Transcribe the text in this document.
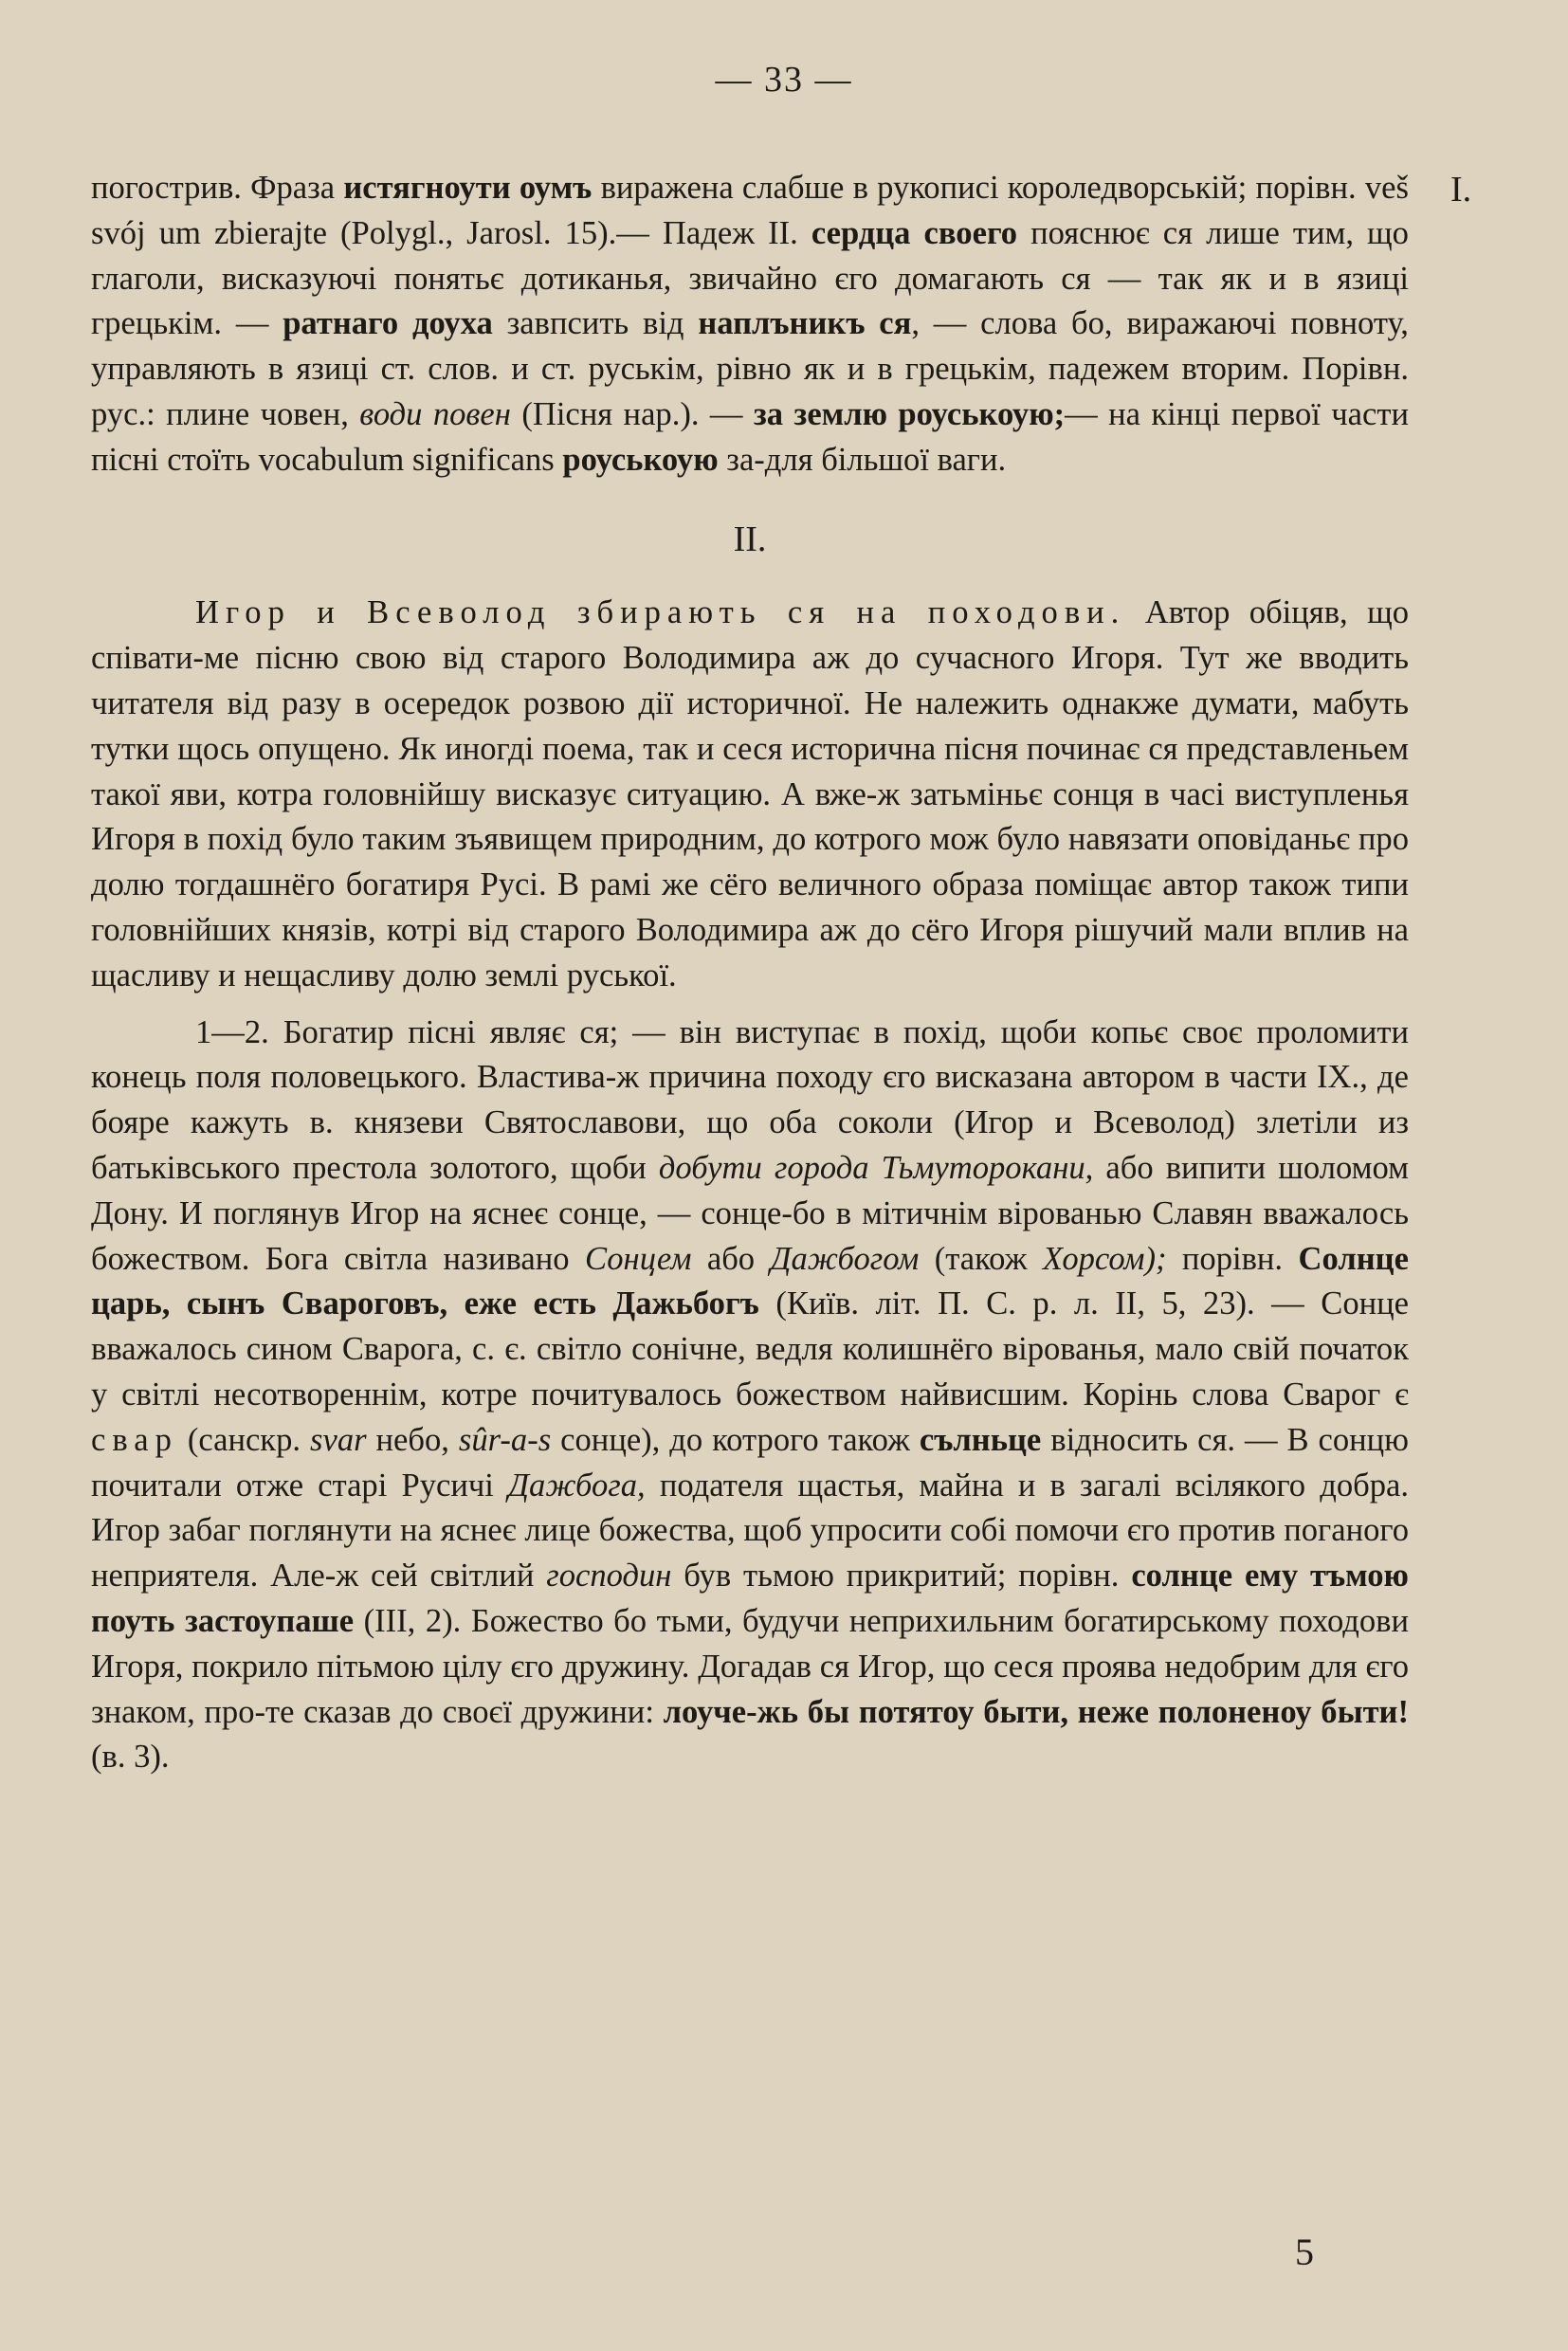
— 33 —
I.

погострив. Фраза истягноути оумъ виражена слабше в рукописі короледворській; порівн. veš svój um zbierajte (Polygl., Jarosl. 15).— Падеж II. сердца своего пояснює ся лише тим, що глаголи, висказуючі понятьє дотиканья, звичайно єго домагають ся — так як и в язиці грецькім. — ратнаго доуха завпсить від наплъникъ ся, — слова бо, виражаючі повноту, управляють в язиці ст. слов. и ст. руськім, рівно як и в грецькім, падежем вторим. Порівн. рус.: плине човен, води повен (Пісня нар.). — за землю роуськоую;— на кінці первої части пісні стоїть vocabulum significans роуськоую за-для більшої ваги.

II.

Игор и Всеволод збирають ся на походови. Автор обіцяв, що співати-ме пісню свою від старого Володимира аж до сучасного Игоря. Тут же вводить читателя від разу в осередок розвою дії историчної. Не належить однакже думати, мабуть тутки щось опущено. Як иногді поема, так и сеся исторична пісня починає ся представленьем такої яви, котра головнійшу висказує ситуацию. А вже-ж затьміньє сонця в часі виступленья Игоря в похід було таким зъявищем природним, до котрого мож було навязати оповіданьє про долю тогдашнёго богатиря Русі. В рамі же сёго величного образа поміщає автор також типи головнійших князів, котрі від старого Володимира аж до сёго Игоря рішучий мали вплив на щасливу и нещасливу долю землі руської.

1—2. Богатир пісні являє ся; — він виступає в похід, щоби копьє своє проломити конець поля половецького. Властива-ж причина походу єго висказана автором в части IX., де бояре кажуть в. князеви Святославови, що оба соколи (Игор и Всеволод) злетіли из батьківського престола золотого, щоби добути города Тьмуторокани, або випити шоломом Дону. И поглянув Игор на яснеє сонце, — сонце-бо в мітичнім вірованью Славян вважалось божеством. Бога світла називано Сонцем або Дажбогом (також Хорсом); порівн. Солнце царь, сынъ Свароговъ, еже есть Дажьбогъ (Київ. літ. П. С. р. л. II, 5, 23). — Сонце вважалось сином Сварога, с. є. світло сонічне, ведля колишнёго вірованья, мало свій початок у світлі несотвореннім, котре почитувалось божеством найвисшим. Корінь слова Сварог є свар (санскр. svar небо, sûr-a-s сонце), до котрого також сълньце відносить ся. — В сонцю почитали отже старі Русичі Дажбога, подателя щастья, майна и в загалі всілякого добра. Игор забаг поглянути на яснеє лице божества, щоб упросити собі помочи єго против поганого неприятеля. Але-ж сей світлий господин був тьмою прикритий; порівн. солнце ему тъмою поуть застоупаше (III, 2). Божество бо тьми, будучи неприхильним богатирському походови Игоря, покрило пітьмою цілу єго дружину. Догадав ся Игор, що сеся проява недобрим для єго знаком, про-те сказав до своєї дружини: лоуче-жь бы потятоу быти, неже полоненоу быти! (в. 3).

5
